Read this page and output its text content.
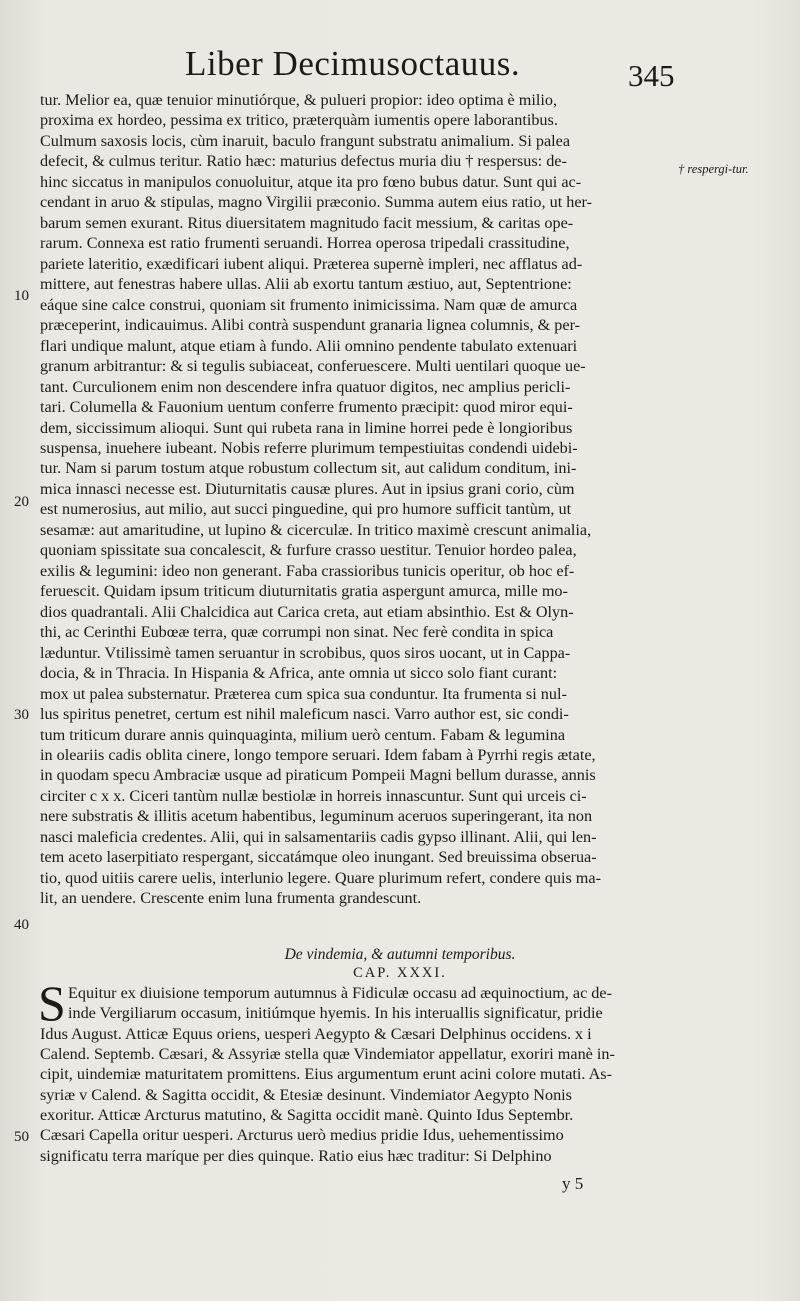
Liber Decimusoctauus.	345
10
20
30
40
50
† respergi-tur.
tur. Melior ea, quæ tenuior minutiórque, & pulueri propior: ideo optima è milio,
proxima ex hordeo, pessima ex tritico, præterquàm iumentis opere laborantibus.
Culmum saxosis locis, cùm inaruit, baculo frangunt substratu animalium. Si palea
defecit, & culmus teritur. Ratio hæc: maturius defectus muria diu † respersus: de-
hinc siccatus in manipulos conuoluitur, atque ita pro fœno bubus datur. Sunt qui ac-
cendant in aruo & stipulas, magno Virgilii præconio. Summa autem eius ratio, ut her-
barum semen exurant. Ritus diuersitatem magnitudo facit messium, & caritas ope-
rarum. Connexa est ratio frumenti seruandi. Horrea operosa tripedali crassitudine,
pariete lateritio, exædificari iubent aliqui. Præterea supernè impleri, nec afflatus ad-
mittere, aut fenestras habere ullas. Alii ab exortu tantum æstiuo, aut, Septentrione:
eáque sine calce construi, quoniam sit frumento inimicissima. Nam quæ de amurca
præceperint, indicauimus. Alibi contrà suspendunt granaria lignea columnis, & per-
flari undique malunt, atque etiam à fundo. Alii omnino pendente tabulato extenuari
granum arbitrantur: & si tegulis subiaceat, conferuescere. Multi uentilari quoque ue-
tant. Curculionem enim non descendere infra quatuor digitos, nec amplius pericli-
tari. Columella & Fauonium uentum conferre frumento præcipit: quod miror equi-
dem, siccissimum alioqui. Sunt qui rubeta rana in limine horrei pede è longioribus
suspensa, inuehere iubeant. Nobis referre plurimum tempestiuitas condendi uidebi-
tur. Nam si parum tostum atque robustum collectum sit, aut calidum conditum, ini-
mica innasci necesse est. Diuturnitatis causæ plures. Aut in ipsius grani corio, cùm
est numerosius, aut milio, aut succi pinguedine, qui pro humore sufficit tantùm, ut
sesamæ: aut amaritudine, ut lupino & cicerculæ. In tritico maximè crescunt animalia,
quoniam spissitate sua concalescit, & furfure crasso uestitur. Tenuior hordeo palea,
exilis & legumini: ideo non generant. Faba crassioribus tunicis operitur, ob hoc ef-
feruescit. Quidam ipsum triticum diuturnitatis gratia aspergunt amurca, mille mo-
dios quadrantali. Alii Chalcidica aut Carica creta, aut etiam absinthio. Est & Olyn-
thi, ac Cerinthi Eubœæ terra, quæ corrumpi non sinat. Nec ferè condita in spica
læduntur. Vtilissimè tamen seruantur in scrobibus, quos siros uocant, ut in Cappa-
docia, & in Thracia. In Hispania & Africa, ante omnia ut sicco solo fiant curant:
mox ut palea substernatur. Præterea cum spica sua conduntur. Ita frumenta si nul-
lus spiritus penetret, certum est nihil maleficum nasci. Varro author est, sic condi-
tum triticum durare annis quinquaginta, milium uerò centum. Fabam & legumina
in oleariis cadis oblita cinere, longo tempore seruari. Idem fabam à Pyrrhi regis ætate,
in quodam specu Ambraciæ usque ad piraticum Pompeii Magni bellum durasse, annis
circiter c x x. Ciceri tantùm nullæ bestiolæ in horreis innascuntur. Sunt qui urceis ci-
nere substratis & illitis acetum habentibus, leguminum aceruos superingerant, ita non
nasci maleficia credentes. Alii, qui in salsamentariis cadis gypso illinant. Alii, qui len-
tem aceto laserpitiato respergant, siccatámque oleo inungant. Sed breuissima obserua-
tio, quod uitiis carere uelis, interlunio legere. Quare plurimum refert, condere quis ma-
lit, an uendere. Crescente enim luna frumenta grandescunt.
De vindemia, & autumni temporibus.
CAP. XXXI.
S Equitur ex diuisione temporum autumnus à Fidiculæ occasu ad æquinoctium, ac de-
inde Vergiliarum occasum, initiúmque hyemis. In his interuallis significatur, pridie
Idus August. Atticæ Equus oriens, uesperi Aegypto & Cæsari Delphinus occidens. x i
Calend. Septemb. Cæsari, & Assyriæ stella quæ Vindemiator appellatur, exoriri manè in-
cipit, uindemiæ maturitatem promittens. Eius argumentum erunt acini colore mutati. As-
syriæ v Calend. & Sagitta occidit, & Etesiæ desinunt. Vindemiator Aegypto Nonis
exoritur. Atticæ Arcturus matutino, & Sagitta occidit manè. Quinto Idus Septembr.
Cæsari Capella oritur uesperi. Arcturus uerò medius pridie Idus, uehementissimo
significatu terra maríque per dies quinque. Ratio eius hæc traditur: Si Delphino
y 5
